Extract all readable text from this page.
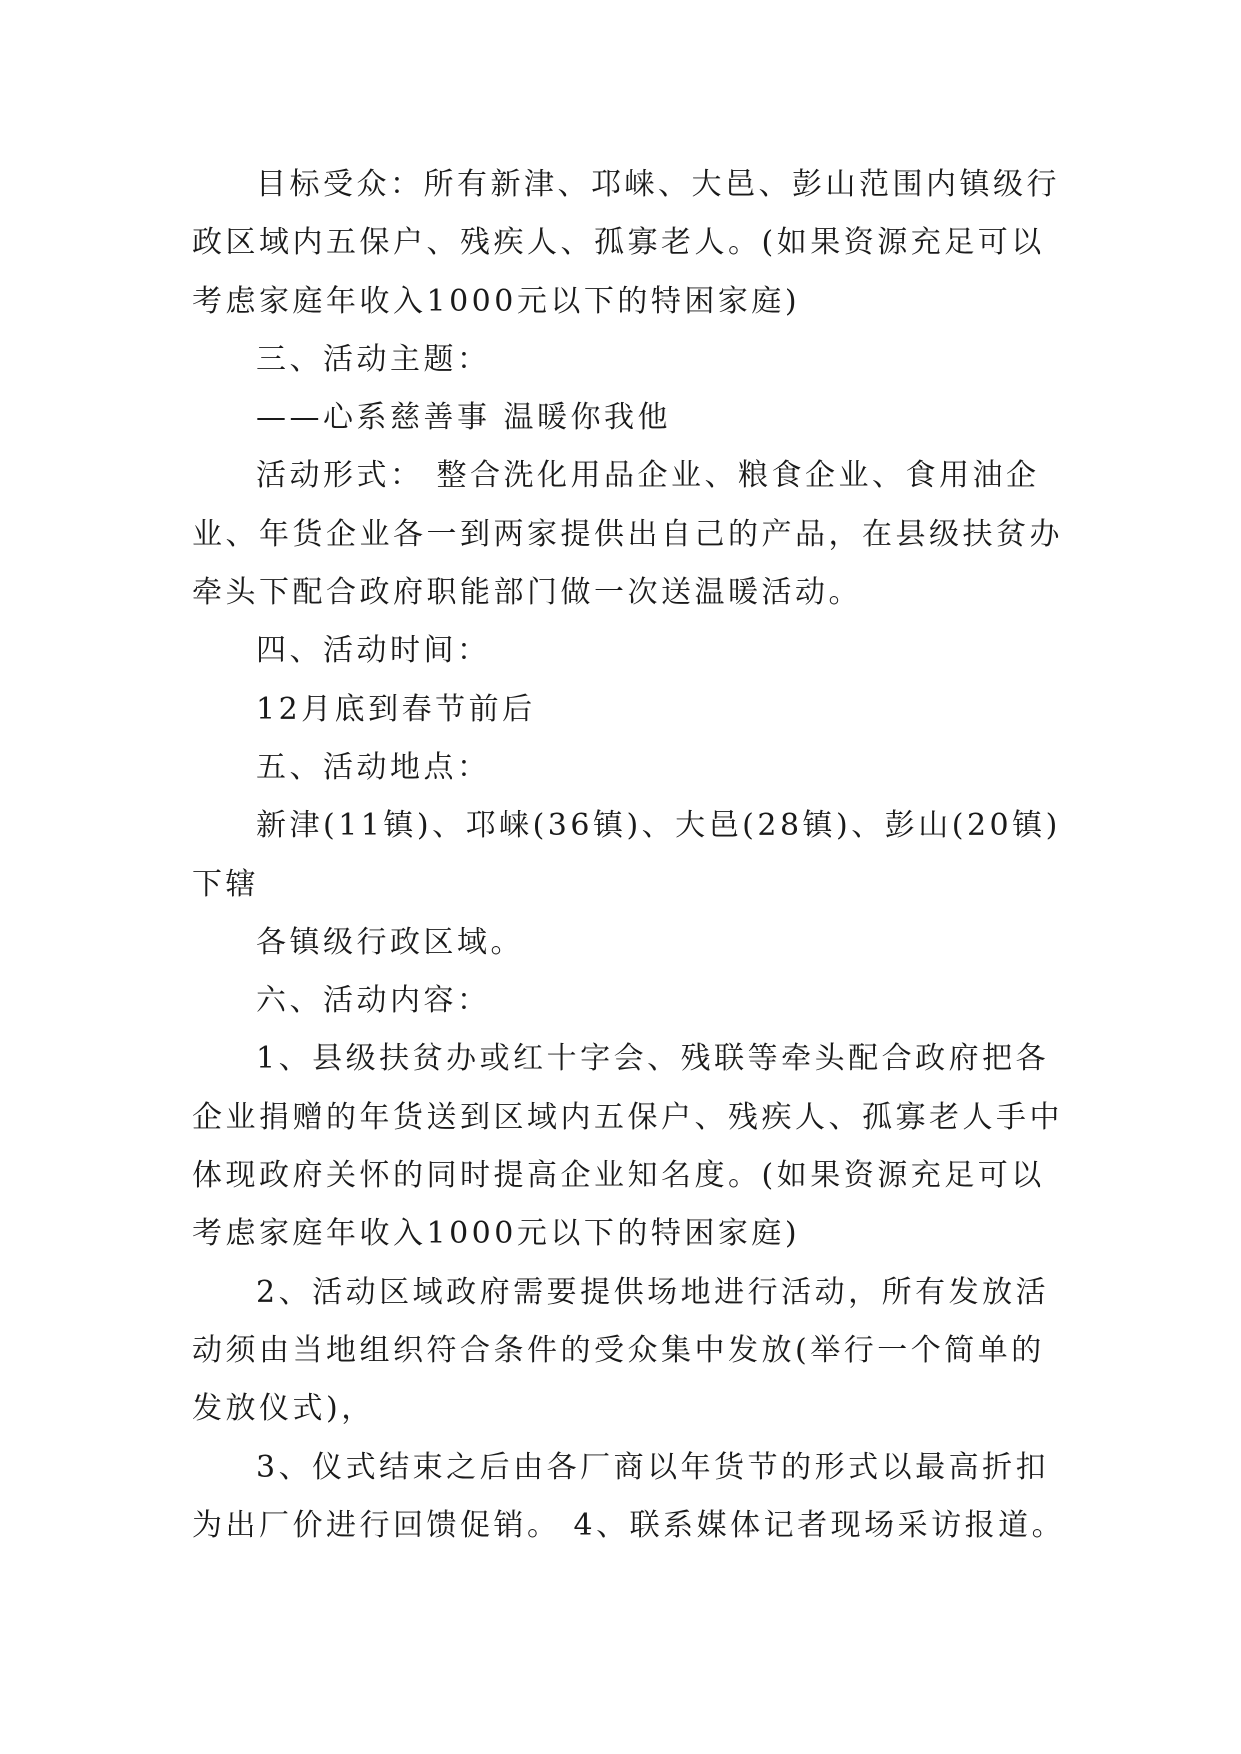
目标受众：所有新津、邛崃、大邑、彭山范围内镇级行
政区域内五保户、残疾人、孤寡老人。(如果资源充足可以
考虑家庭年收入1000元以下的特困家庭)
三、活动主题：
——心系慈善事 温暖你我他
活动形式： 整合洗化用品企业、粮食企业、食用油企
业、年货企业各一到两家提供出自己的产品，在县级扶贫办
牵头下配合政府职能部门做一次送温暖活动。
四、活动时间：
12月底到春节前后
五、活动地点：
新津(11镇)、邛崃(36镇)、大邑(28镇)、彭山(20镇)
下辖
各镇级行政区域。
六、活动内容：
1、县级扶贫办或红十字会、残联等牵头配合政府把各
企业捐赠的年货送到区域内五保户、残疾人、孤寡老人手中
体现政府关怀的同时提高企业知名度。(如果资源充足可以
考虑家庭年收入1000元以下的特困家庭)
2、活动区域政府需要提供场地进行活动，所有发放活
动须由当地组织符合条件的受众集中发放(举行一个简单的
发放仪式)，
3、仪式结束之后由各厂商以年货节的形式以最高折扣
为出厂价进行回馈促销。 4、联系媒体记者现场采访报道。
